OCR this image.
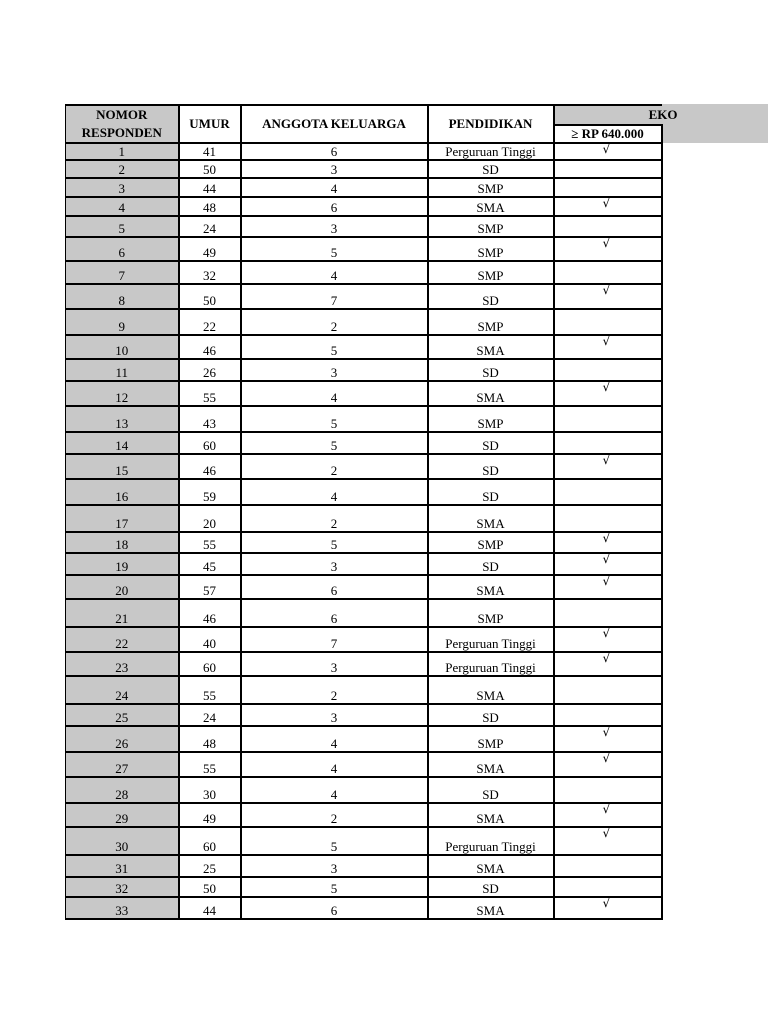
NOMOR
RESPONDEN	UMUR	ANGGOTA KELUARGA	PENDIDIKAN	EKO
				≥ RP 640.000
1	41	6	Perguruan Tinggi	√

2	50	3	SD	
3	44	4	SMP	
4	48	6	SMA	√

5	24	3	SMP	
6	49	5	SMP	√

7	32	4	SMP	
8	50	7	SD	√

9	22	2	SMP	
10	46	5	SMA	√

11	26	3	SD	
12	55	4	SMA	√

13	43	5	SMP	
14	60	5	SD	
15	46	2	SD	√

16	59	4	SD	
17	20	2	SMA	
18	55	5	SMP	√

19	45	3	SD	√

20	57	6	SMA	√

21	46	6	SMP	
22	40	7	Perguruan Tinggi	√

23	60	3	Perguruan Tinggi	√

24	55	2	SMA	
25	24	3	SD	
26	48	4	SMP	√

27	55	4	SMA	√

28	30	4	SD	
29	49	2	SMA	√

30	60	5	Perguruan Tinggi	√

31	25	3	SMA	
32	50	5	SD	
33	44	6	SMA	√
